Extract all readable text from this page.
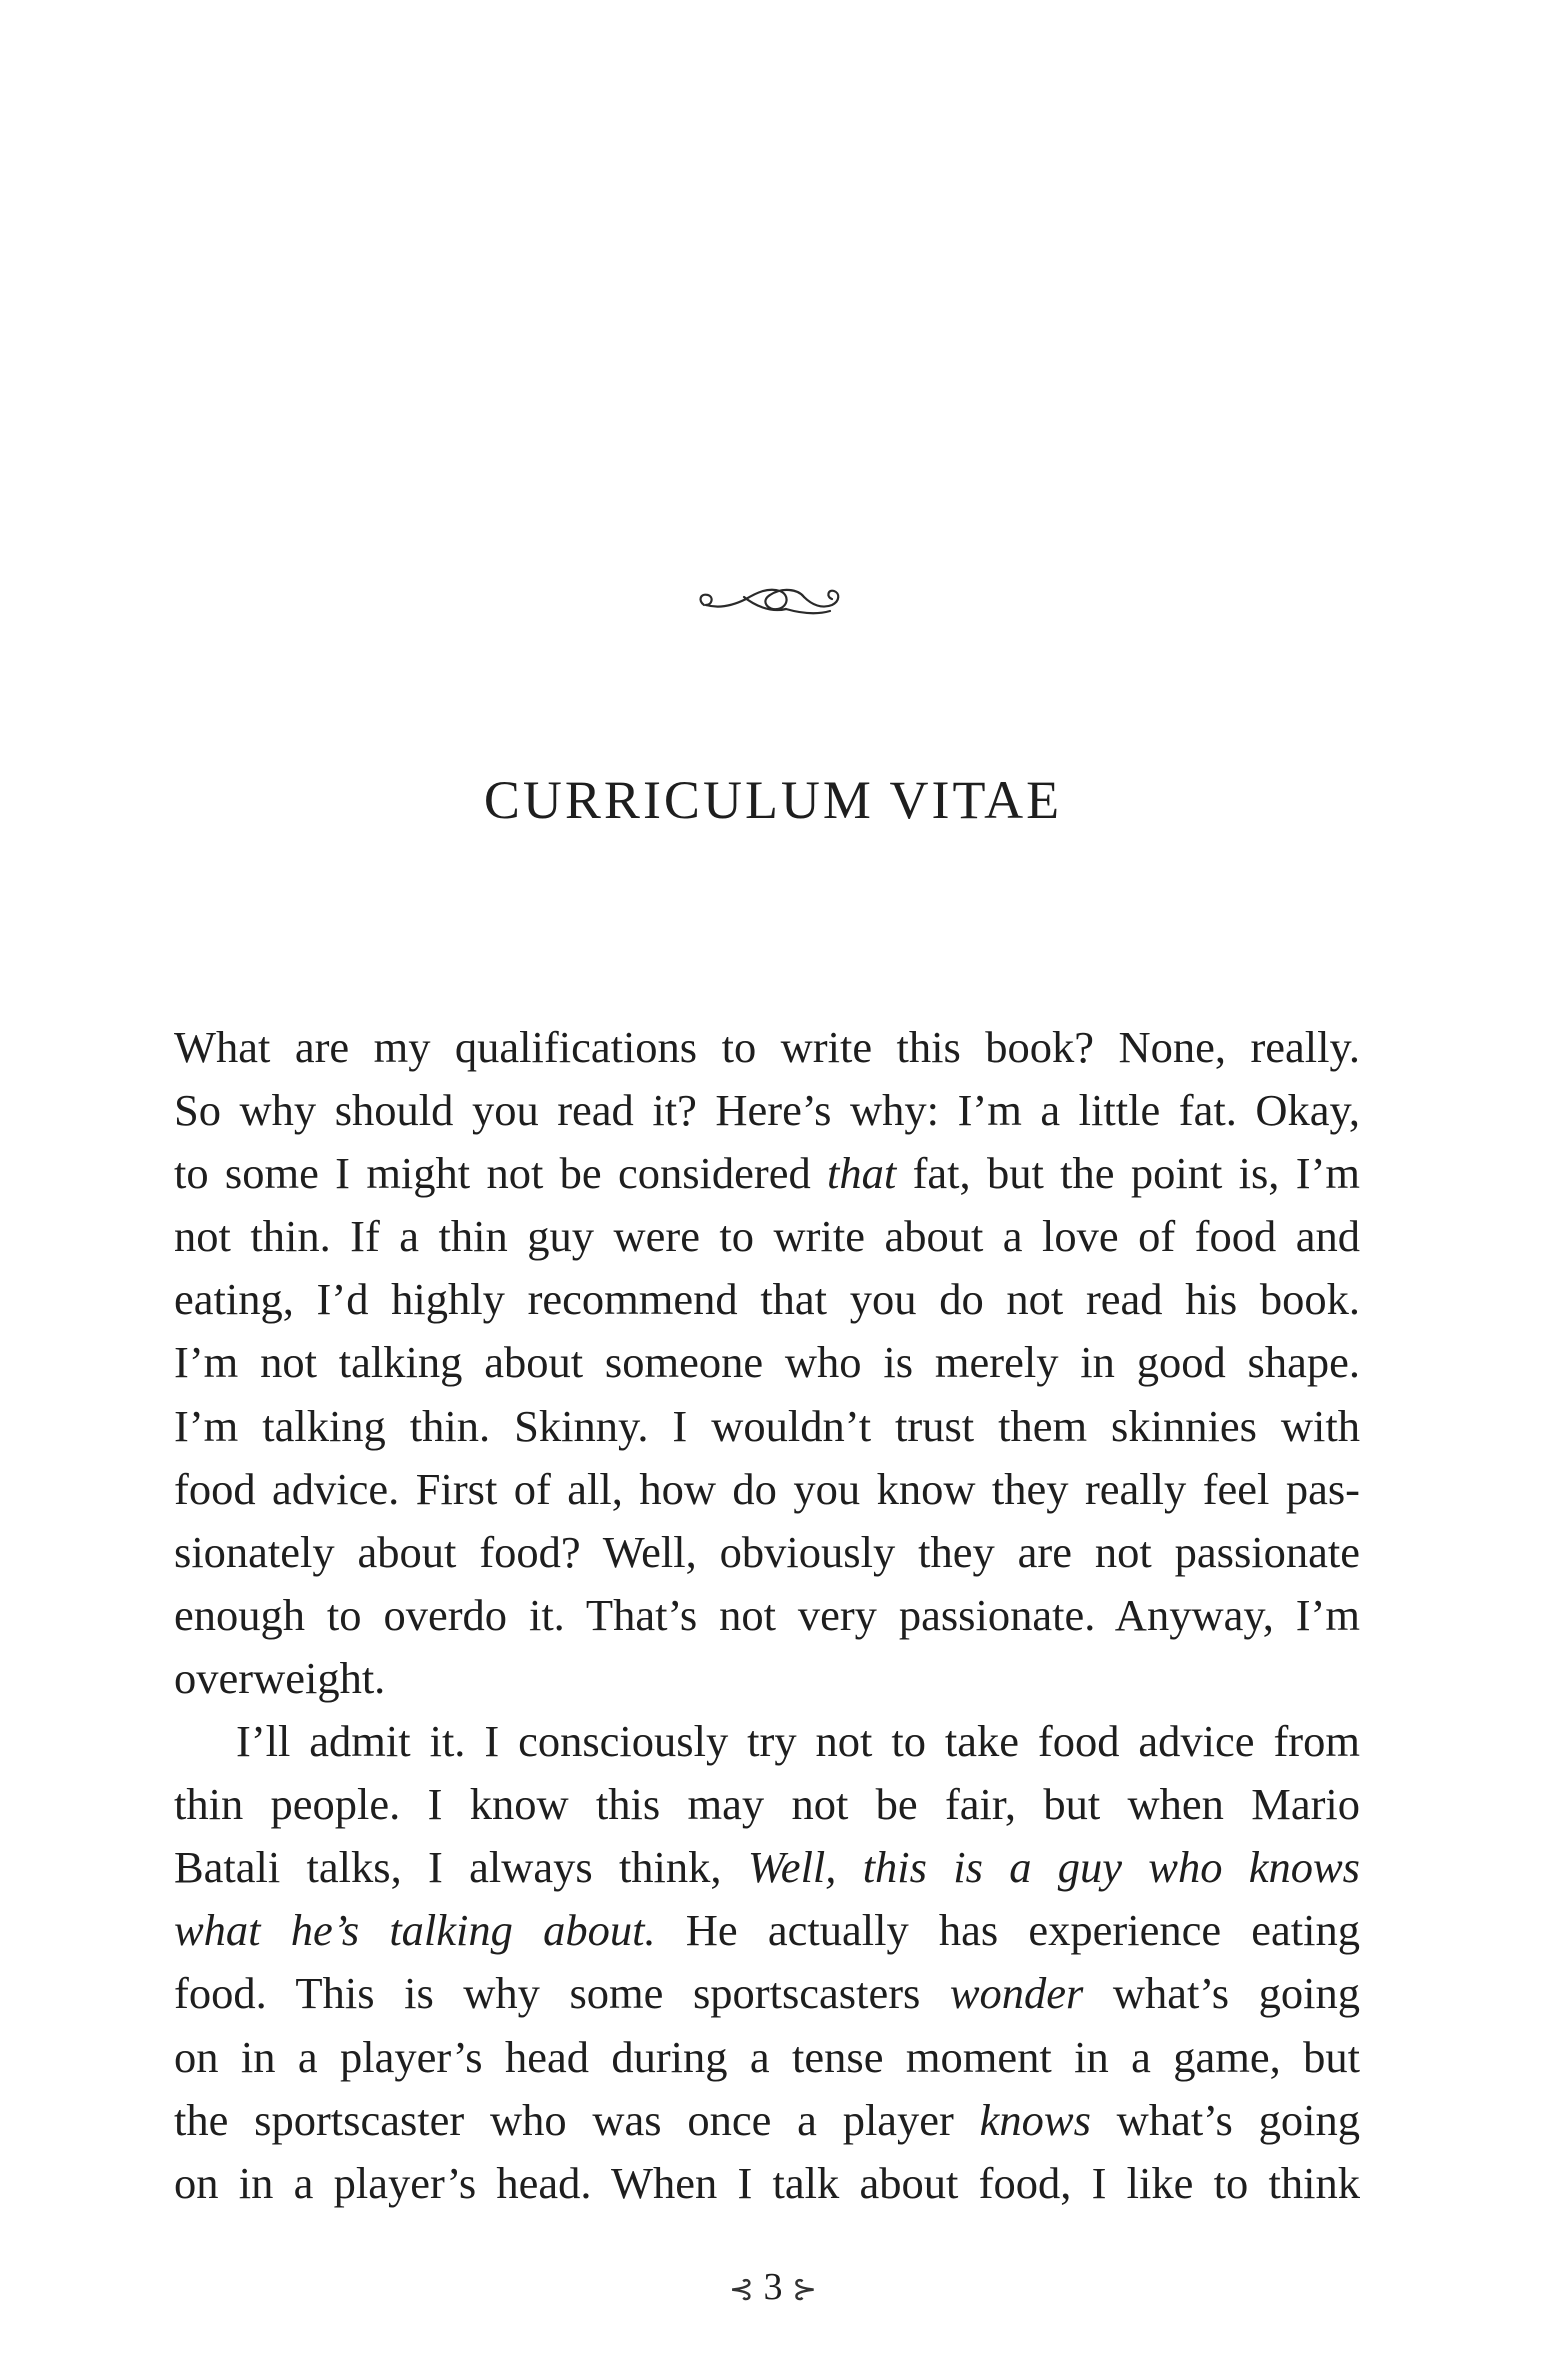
CURRICULUM VITAE
What are my qualifications to write this book? None, really.
So why should you read it? Here’s why: I’m a little fat. Okay,
to some I might not be considered that fat, but the point is, I’m
not thin. If a thin guy were to write about a love of food and
eating, I’d highly recommend that you do not read his book.
I’m not talking about someone who is merely in good shape.
I’m talking thin. Skinny. I wouldn’t trust them skinnies with
food advice. First of all, how do you know they really feel pas-
sionately about food? Well, obviously they are not passionate
enough to overdo it. That’s not very passionate. Anyway, I’m
overweight.
I’ll admit it. I consciously try not to take food advice from
thin people. I know this may not be fair, but when Mario
Batali talks, I always think, Well, this is a guy who knows
what he’s talking about. He actually has experience eating
food. This is why some sportscasters wonder what’s going
on in a player’s head during a tense moment in a game, but
the sportscaster who was once a player knows what’s going
on in a player’s head. When I talk about food, I like to think
⊰ 3 ⊱
